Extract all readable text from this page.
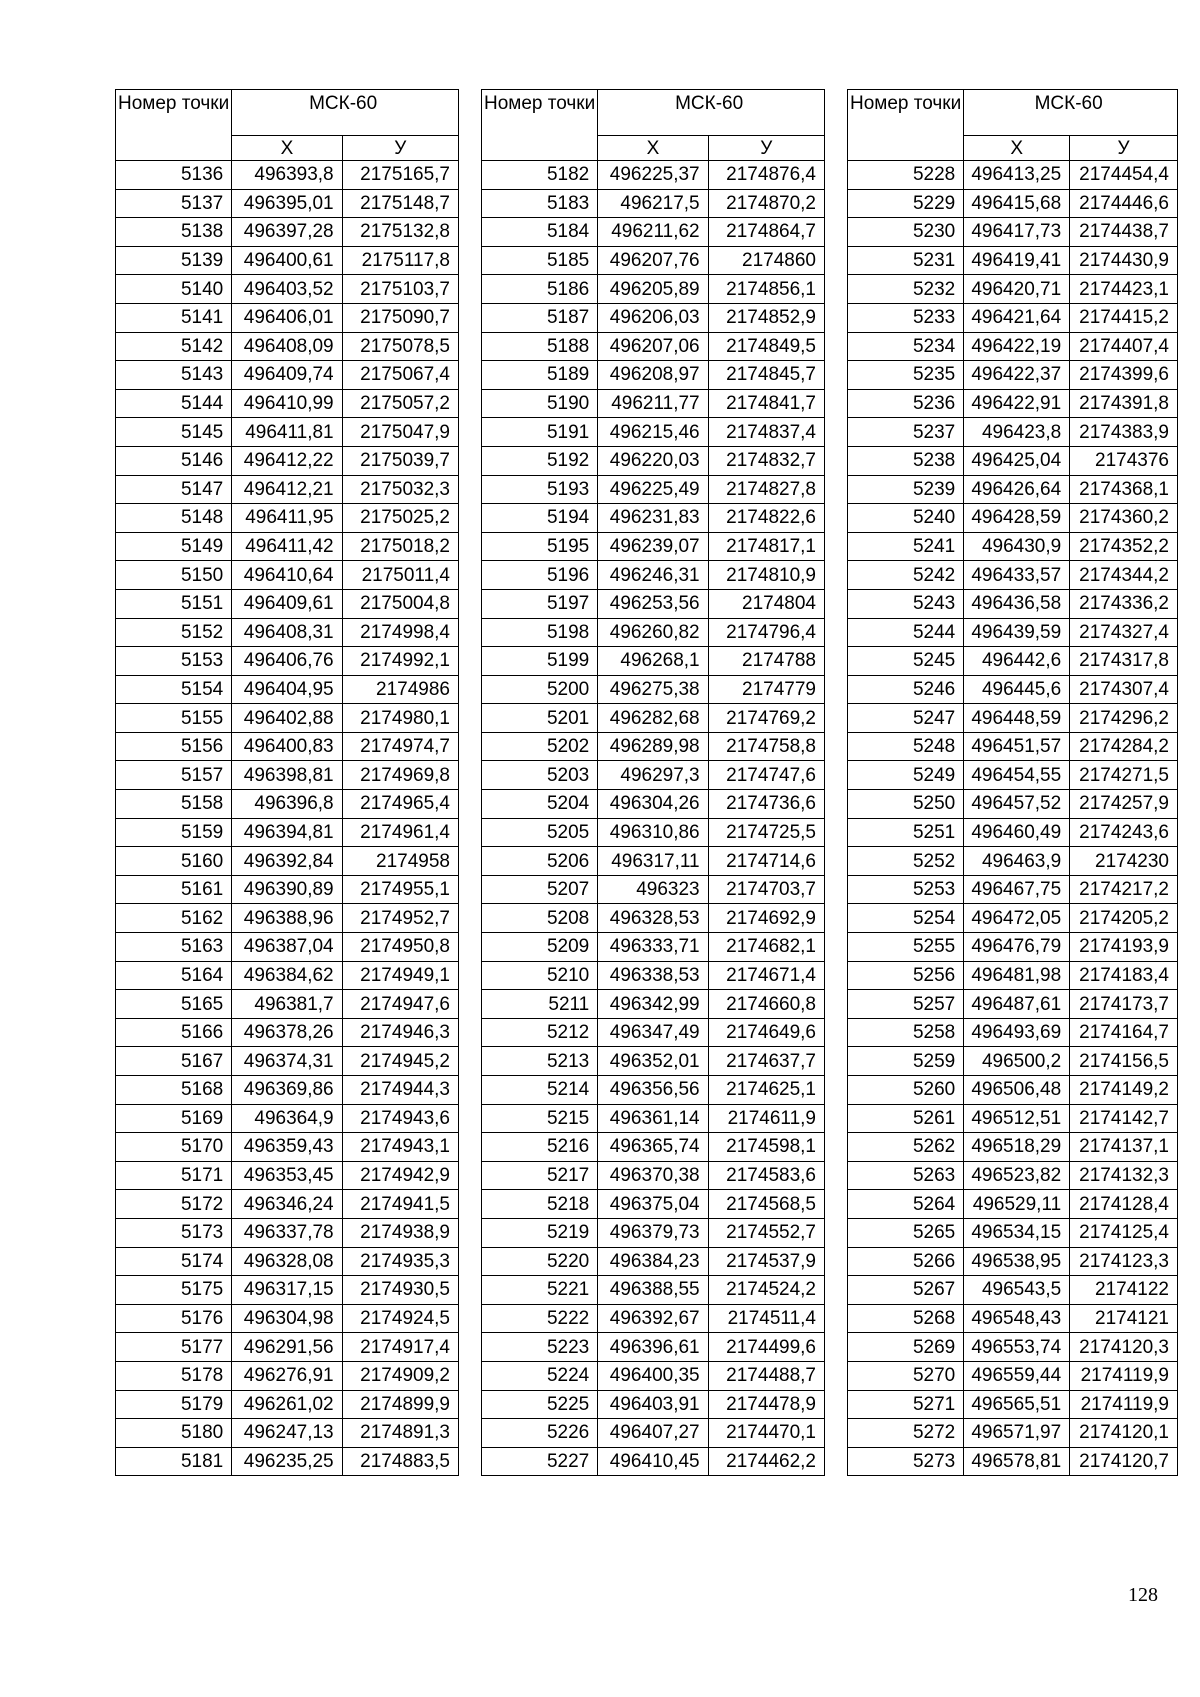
Номер точки	МСК-60	
	X	У
5136	496393,8	2175165,7
5137	496395,01	2175148,7
5138	496397,28	2175132,8
5139	496400,61	2175117,8
5140	496403,52	2175103,7
5141	496406,01	2175090,7
5142	496408,09	2175078,5
5143	496409,74	2175067,4
5144	496410,99	2175057,2
5145	496411,81	2175047,9
5146	496412,22	2175039,7
5147	496412,21	2175032,3
5148	496411,95	2175025,2
5149	496411,42	2175018,2
5150	496410,64	2175011,4
5151	496409,61	2175004,8
5152	496408,31	2174998,4
5153	496406,76	2174992,1
5154	496404,95	2174986
5155	496402,88	2174980,1
5156	496400,83	2174974,7
5157	496398,81	2174969,8
5158	496396,8	2174965,4
5159	496394,81	2174961,4
5160	496392,84	2174958
5161	496390,89	2174955,1
5162	496388,96	2174952,7
5163	496387,04	2174950,8
5164	496384,62	2174949,1
5165	496381,7	2174947,6
5166	496378,26	2174946,3
5167	496374,31	2174945,2
5168	496369,86	2174944,3
5169	496364,9	2174943,6
5170	496359,43	2174943,1
5171	496353,45	2174942,9
5172	496346,24	2174941,5
5173	496337,78	2174938,9
5174	496328,08	2174935,3
5175	496317,15	2174930,5
5176	496304,98	2174924,5
5177	496291,56	2174917,4
5178	496276,91	2174909,2
5179	496261,02	2174899,9
5180	496247,13	2174891,3
5181	496235,25	2174883,5
Номер точки	МСК-60	
	X	У
5182	496225,37	2174876,4
5183	496217,5	2174870,2
5184	496211,62	2174864,7
5185	496207,76	2174860
5186	496205,89	2174856,1
5187	496206,03	2174852,9
5188	496207,06	2174849,5
5189	496208,97	2174845,7
5190	496211,77	2174841,7
5191	496215,46	2174837,4
5192	496220,03	2174832,7
5193	496225,49	2174827,8
5194	496231,83	2174822,6
5195	496239,07	2174817,1
5196	496246,31	2174810,9
5197	496253,56	2174804
5198	496260,82	2174796,4
5199	496268,1	2174788
5200	496275,38	2174779
5201	496282,68	2174769,2
5202	496289,98	2174758,8
5203	496297,3	2174747,6
5204	496304,26	2174736,6
5205	496310,86	2174725,5
5206	496317,11	2174714,6
5207	496323	2174703,7
5208	496328,53	2174692,9
5209	496333,71	2174682,1
5210	496338,53	2174671,4
5211	496342,99	2174660,8
5212	496347,49	2174649,6
5213	496352,01	2174637,7
5214	496356,56	2174625,1
5215	496361,14	2174611,9
5216	496365,74	2174598,1
5217	496370,38	2174583,6
5218	496375,04	2174568,5
5219	496379,73	2174552,7
5220	496384,23	2174537,9
5221	496388,55	2174524,2
5222	496392,67	2174511,4
5223	496396,61	2174499,6
5224	496400,35	2174488,7
5225	496403,91	2174478,9
5226	496407,27	2174470,1
5227	496410,45	2174462,2
Номер точки	МСК-60	
	X	У
5228	496413,25	2174454,4
5229	496415,68	2174446,6
5230	496417,73	2174438,7
5231	496419,41	2174430,9
5232	496420,71	2174423,1
5233	496421,64	2174415,2
5234	496422,19	2174407,4
5235	496422,37	2174399,6
5236	496422,91	2174391,8
5237	496423,8	2174383,9
5238	496425,04	2174376
5239	496426,64	2174368,1
5240	496428,59	2174360,2
5241	496430,9	2174352,2
5242	496433,57	2174344,2
5243	496436,58	2174336,2
5244	496439,59	2174327,4
5245	496442,6	2174317,8
5246	496445,6	2174307,4
5247	496448,59	2174296,2
5248	496451,57	2174284,2
5249	496454,55	2174271,5
5250	496457,52	2174257,9
5251	496460,49	2174243,6
5252	496463,9	2174230
5253	496467,75	2174217,2
5254	496472,05	2174205,2
5255	496476,79	2174193,9
5256	496481,98	2174183,4
5257	496487,61	2174173,7
5258	496493,69	2174164,7
5259	496500,2	2174156,5
5260	496506,48	2174149,2
5261	496512,51	2174142,7
5262	496518,29	2174137,1
5263	496523,82	2174132,3
5264	496529,11	2174128,4
5265	496534,15	2174125,4
5266	496538,95	2174123,3
5267	496543,5	2174122
5268	496548,43	2174121
5269	496553,74	2174120,3
5270	496559,44	2174119,9
5271	496565,51	2174119,9
5272	496571,97	2174120,1
5273	496578,81	2174120,7
128
